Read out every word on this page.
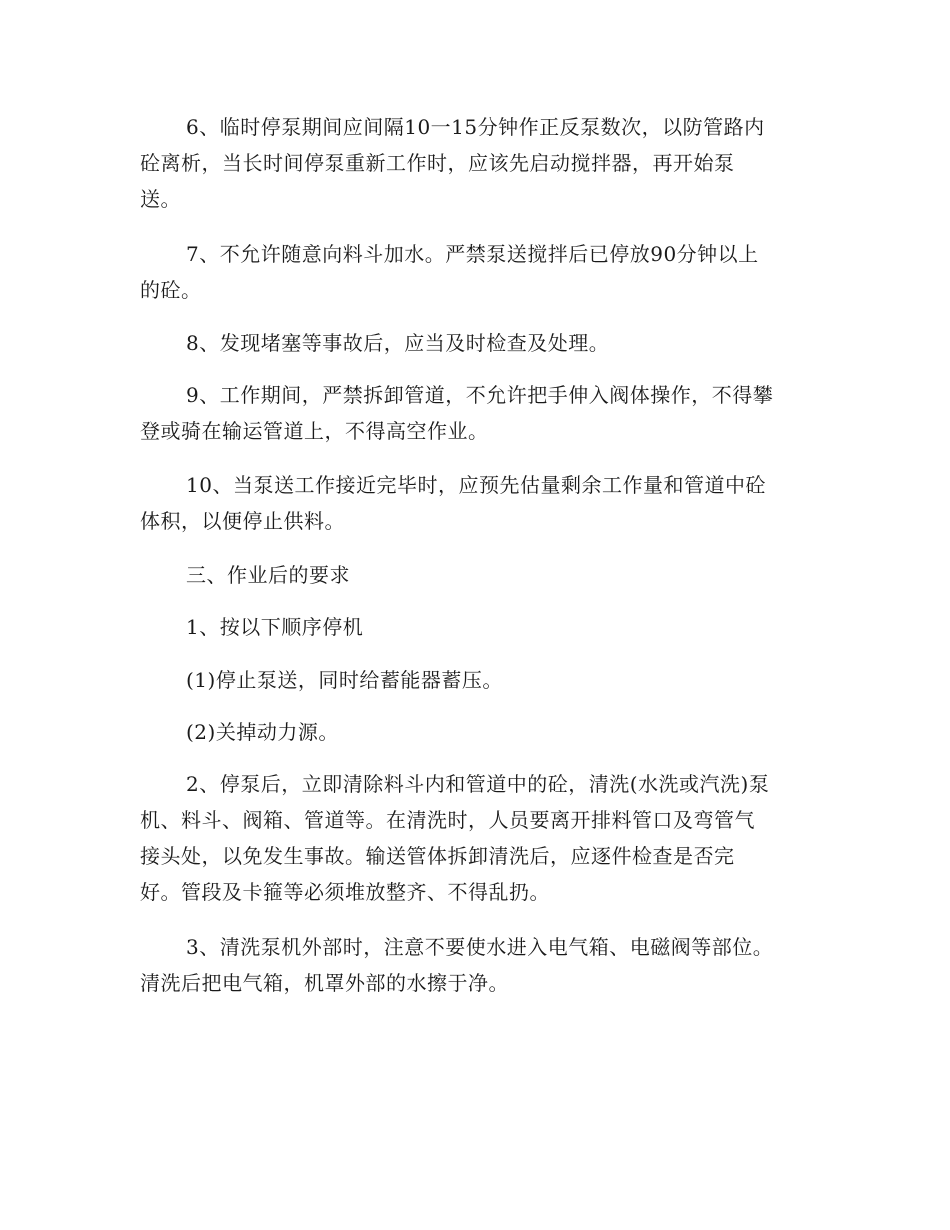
6、临时停泵期间应间隔10一15分钟作正反泵数次，以防管路内
砼离析，当长时间停泵重新工作时，应该先启动搅拌器，再开始泵
送。
7、不允许随意向料斗加水。严禁泵送搅拌后已停放90分钟以上
的砼。
8、发现堵塞等事故后，应当及时检查及处理。
9、工作期间，严禁拆卸管道，不允许把手伸入阀体操作，不得攀
登或骑在输运管道上，不得高空作业。
10、当泵送工作接近完毕时，应预先估量剩余工作量和管道中砼
体积，以便停止供料。
三、作业后的要求
1、按以下顺序停机
(1)停止泵送，同时给蓄能器蓄压。
(2)关掉动力源。
2、停泵后，立即清除料斗内和管道中的砼，清洗(水洗或汽洗)泵
机、料斗、阀箱、管道等。在清洗时，人员要离开排料管口及弯管气
接头处，以免发生事故。输送管体拆卸清洗后，应逐件检查是否完
好。管段及卡箍等必须堆放整齐、不得乱扔。
3、清洗泵机外部时，注意不要使水进入电气箱、电磁阀等部位。
清洗后把电气箱，机罩外部的水擦于净。
